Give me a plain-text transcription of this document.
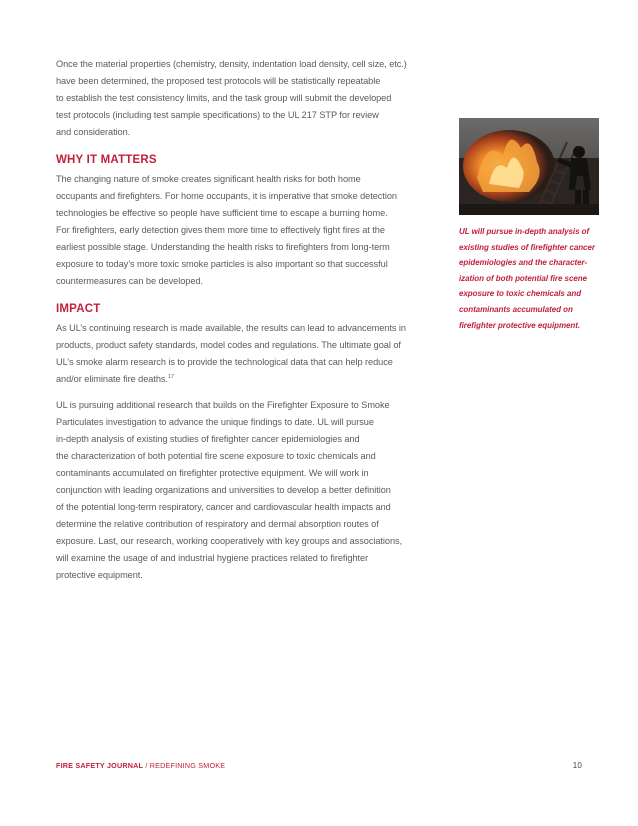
Once the material properties (chemistry, density, indentation load density, cell size, etc.)
have been determined, the proposed test protocols will be statistically repeatable
to establish the test consistency limits, and the task group will submit the developed
test protocols (including test sample specifications) to the UL 217 STP for review
and consideration.

WHY IT MATTERS

The changing nature of smoke creates significant health risks for both home
occupants and firefighters. For home occupants, it is imperative that smoke detection
technologies be effective so people have sufficient time to escape a burning home.
For firefighters, early detection gives them more time to effectively fight fires at the
earliest possible stage. Understanding the health risks to firefighters from long-term
exposure to today’s more toxic smoke particles is also important so that successful
countermeasures can be developed.

IMPACT

As UL’s continuing research is made available, the results can lead to advancements in
products, product safety standards, model codes and regulations. The ultimate goal of
UL’s smoke alarm research is to provide the technological data that can help reduce
and/or eliminate fire deaths.$^{17}$

UL is pursuing additional research that builds on the Firefighter Exposure to Smoke
Particulates investigation to advance the unique findings to date. UL will pursue
in-depth analysis of existing studies of firefighter cancer epidemiologies and
the characterization of both potential fire scene exposure to toxic chemicals and
contaminants accumulated on firefighter protective equipment. We will work in
conjunction with leading organizations and universities to develop a better definition
of the potential long-term respiratory, cancer and cardiovascular health impacts and
determine the relative contribution of respiratory and dermal absorption routes of
exposure. Last, our research, working cooperatively with key groups and associations,
will examine the usage of and industrial hygiene practices related to firefighter
protective equipment.

UL will pursue in-depth analysis of
existing studies of firefighter cancer
epidemiologies and the character-
ization of both potential fire scene
exposure to toxic chemicals and
contaminants accumulated on
firefighter protective equipment.
FIRE SAFETY JOURNAL / REDEFINING SMOKE	10
